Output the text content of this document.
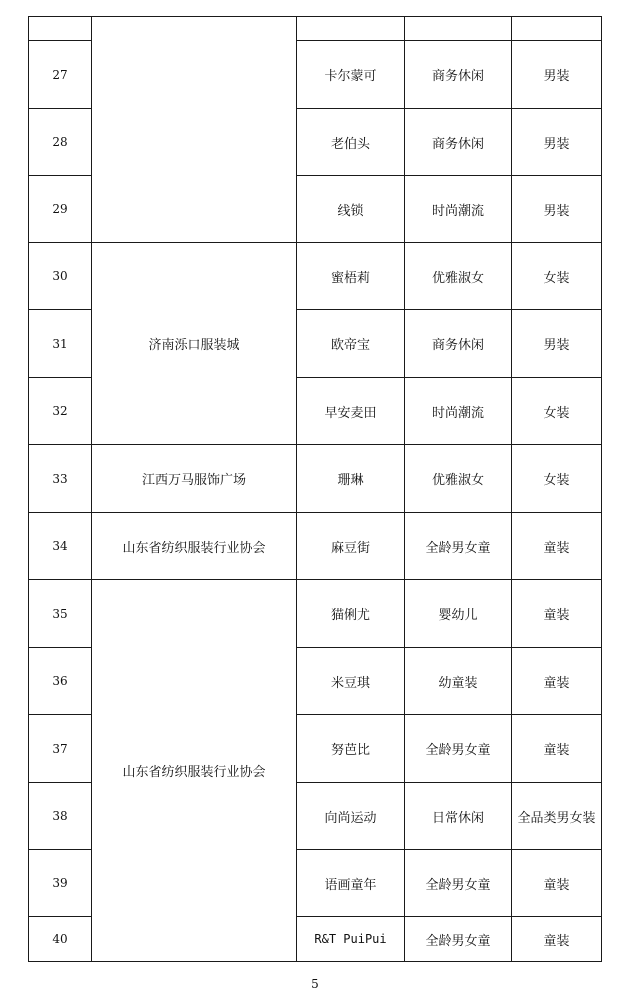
27		卡尔蒙可	商务休闲	男装
28		老伯头	商务休闲	男装
29		线锁	时尚潮流	男装
30	济南泺口服装城	蜜梧莉	优雅淑女	女装
31		欧帝宝	商务休闲	男装
32		早安麦田	时尚潮流	女装
33	江西万马服饰广场	珊琳	优雅淑女	女装
34	山东省纺织服装行业协会	麻豆街	全龄男女童	童装
35	山东省纺织服装行业协会	猫俐尤	婴幼儿	童装
36		米豆琪	幼童装	童装
37		努芭比	全龄男女童	童装
38		向尚运动	日常休闲	全品类男女装
39		语画童年	全龄男女童	童装
40		R&T PuiPui	全龄男女童	童装
5
